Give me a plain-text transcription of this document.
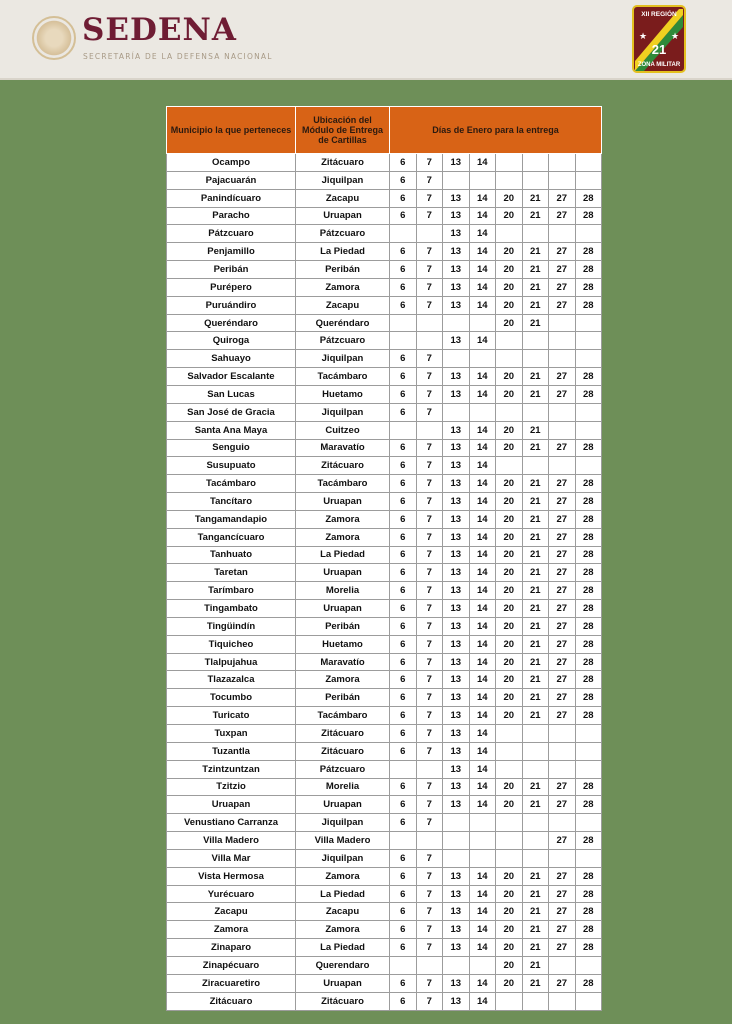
SEDENA
SECRETARÍA DE LA DEFENSA NACIONAL
XII REGIÓN
★	★
21
ZONA MILITAR
Municipio la que perteneces	Ubicación del Módulo de Entrega de Cartillas	Días de Enero para la entrega							
Ocampo	Zitácuaro	6	7	13	14				
Pajacuarán	Jiquilpan	6	7						
Panindícuaro	Zacapu	6	7	13	14	20	21	27	28
Paracho	Uruapan	6	7	13	14	20	21	27	28
Pátzcuaro	Pátzcuaro			13	14				
Penjamillo	La Piedad	6	7	13	14	20	21	27	28
Peribán	Peribán	6	7	13	14	20	21	27	28
Purépero	Zamora	6	7	13	14	20	21	27	28
Puruándiro	Zacapu	6	7	13	14	20	21	27	28
Queréndaro	Queréndaro					20	21		
Quiroga	Pátzcuaro			13	14				
Sahuayo	Jiquilpan	6	7						
Salvador Escalante	Tacámbaro	6	7	13	14	20	21	27	28
San Lucas	Huetamo	6	7	13	14	20	21	27	28
San José de Gracia	Jiquilpan	6	7						
Santa Ana Maya	Cuitzeo			13	14	20	21		
Senguio	Maravatío	6	7	13	14	20	21	27	28
Susupuato	Zitácuaro	6	7	13	14				
Tacámbaro	Tacámbaro	6	7	13	14	20	21	27	28
Tancítaro	Uruapan	6	7	13	14	20	21	27	28
Tangamandapio	Zamora	6	7	13	14	20	21	27	28
Tangancícuaro	Zamora	6	7	13	14	20	21	27	28
Tanhuato	La Piedad	6	7	13	14	20	21	27	28
Taretan	Uruapan	6	7	13	14	20	21	27	28
Tarímbaro	Morelia	6	7	13	14	20	21	27	28
Tingambato	Uruapan	6	7	13	14	20	21	27	28
Tingüindín	Peribán	6	7	13	14	20	21	27	28
Tiquicheo	Huetamo	6	7	13	14	20	21	27	28
Tlalpujahua	Maravatío	6	7	13	14	20	21	27	28
Tlazazalca	Zamora	6	7	13	14	20	21	27	28
Tocumbo	Peribán	6	7	13	14	20	21	27	28
Turicato	Tacámbaro	6	7	13	14	20	21	27	28
Tuxpan	Zitácuaro	6	7	13	14				
Tuzantla	Zitácuaro	6	7	13	14				
Tzintzuntzan	Pátzcuaro			13	14				
Tzitzio	Morelia	6	7	13	14	20	21	27	28
Uruapan	Uruapan	6	7	13	14	20	21	27	28
Venustiano Carranza	Jiquilpan	6	7						
Villa Madero	Villa Madero							27	28
Villa Mar	Jiquilpan	6	7						
Vista Hermosa	Zamora	6	7	13	14	20	21	27	28
Yurécuaro	La Piedad	6	7	13	14	20	21	27	28
Zacapu	Zacapu	6	7	13	14	20	21	27	28
Zamora	Zamora	6	7	13	14	20	21	27	28
Zinaparo	La Piedad	6	7	13	14	20	21	27	28
Zinapécuaro	Querendaro					20	21		
Ziracuaretiro	Uruapan	6	7	13	14	20	21	27	28
Zitácuaro	Zitácuaro	6	7	13	14				
